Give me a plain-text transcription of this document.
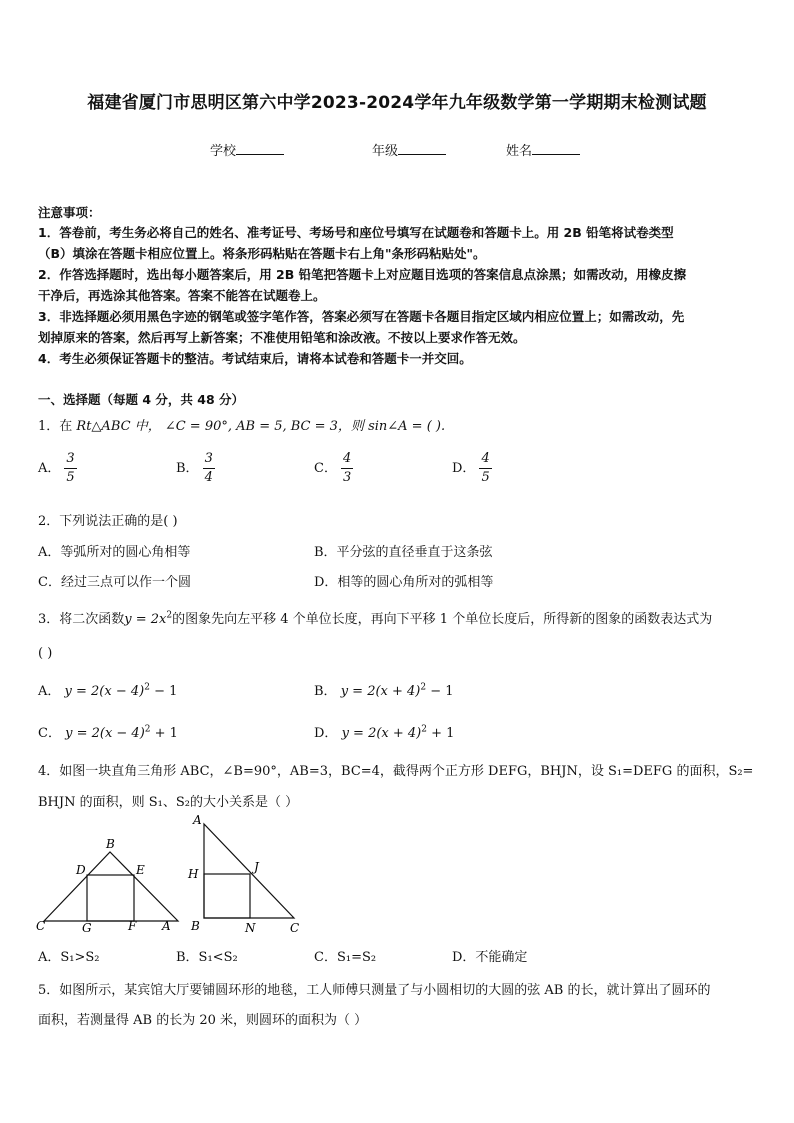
福建省厦门市思明区第六中学2023-2024学年九年级数学第一学期期末检测试题
学校	年级	姓名
注意事项：
1．答卷前，考生务必将自己的姓名、准考证号、考场号和座位号填写在试题卷和答题卡上。用 2B 铅笔将试卷类型
（B）填涂在答题卡相应位置上。将条形码粘贴在答题卡右上角"条形码粘贴处"。
2．作答选择题时，选出每小题答案后，用 2B 铅笔把答题卡上对应题目选项的答案信息点涂黑；如需改动，用橡皮擦
干净后，再选涂其他答案。答案不能答在试题卷上。
3．非选择题必须用黑色字迹的钢笔或签字笔作答，答案必须写在答题卡各题目指定区域内相应位置上；如需改动，先
划掉原来的答案，然后再写上新答案；不准使用铅笔和涂改液。不按以上要求作答无效。
4．考生必须保证答题卡的整洁。考试结束后，请将本试卷和答题卡一并交回。
一、选择题（每题 4 分，共 48 分）
1．在 Rt△ABC 中， ∠C = 90°, AB = 5, BC = 3，则 sin∠A = ( ).
A． $\frac{3}{5}$	B． $\frac{3}{4}$	C． $\frac{4}{3}$	D． $\frac{4}{5}$
2．下列说法正确的是( )
A．等弧所对的圆心角相等	B．平分弦的直径垂直于这条弦
C．经过三点可以作一个圆	D．相等的圆心角所对的弧相等
3．将二次函数$y = 2x^2$的图象先向左平移 4 个单位长度，再向下平移 1 个单位长度后，所得新的图象的函数表达式为
( )
A． $y = 2(x - 4)^2 - 1$	B． $y = 2(x + 4)^2 - 1$
C． $y = 2(x - 4)^2 + 1$	D． $y = 2(x + 4)^2 + 1$
4．如图一块直角三角形 ABC，∠B=90°，AB=3，BC=4，截得两个正方形 DEFG，BHJN，设 S₁=DEFG 的面积，S₂=
BHJN 的面积，则 S₁、S₂的大小关系是（ ）
B
D	E
C	G	F A
A
H	J
B	N	C
A．S₁>S₂	B．S₁<S₂	C．S₁=S₂	D．不能确定
5．如图所示，某宾馆大厅要铺圆环形的地毯，工人师傅只测量了与小圆相切的大圆的弦 AB 的长，就计算出了圆环的
面积，若测量得 AB 的长为 20 米，则圆环的面积为（ ）
